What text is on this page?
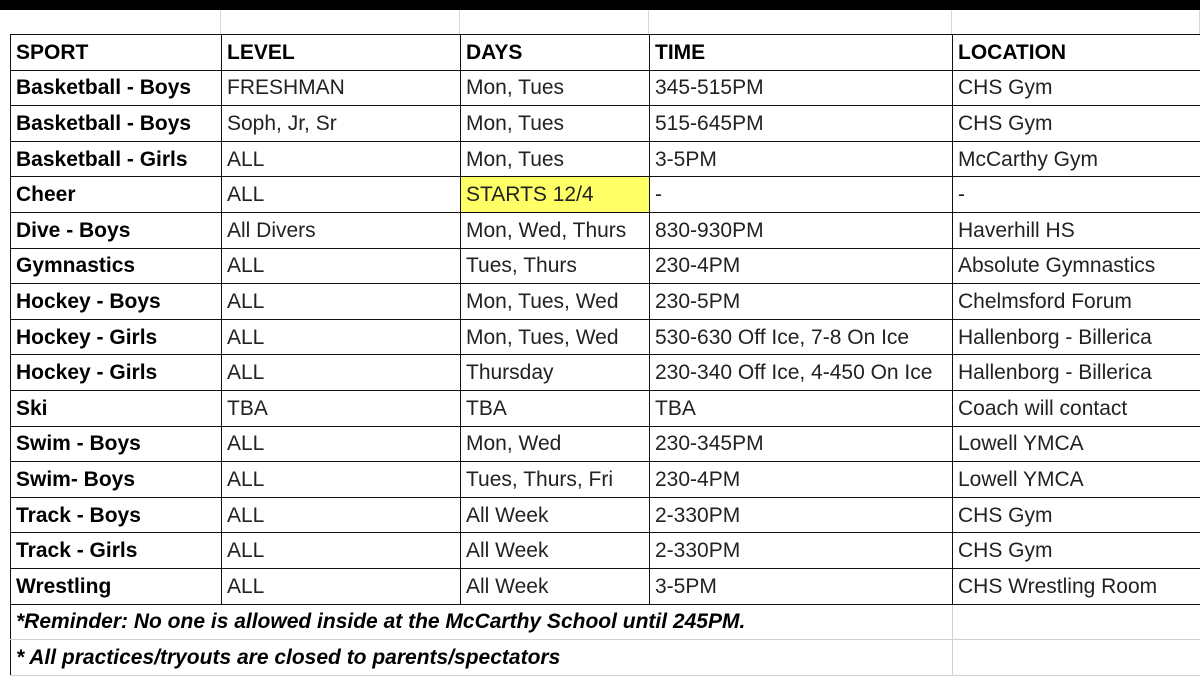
SPORT	LEVEL	DAYS	TIME	LOCATION
Basketball - Boys	FRESHMAN	Mon, Tues	345-515PM	CHS Gym
Basketball - Boys	Soph, Jr, Sr	Mon, Tues	515-645PM	CHS Gym
Basketball - Girls	ALL	Mon, Tues	3-5PM	McCarthy Gym
Cheer	ALL	STARTS 12/4	-	-
Dive - Boys	All Divers	Mon, Wed, Thurs	830-930PM	Haverhill HS
Gymnastics	ALL	Tues, Thurs	230-4PM	Absolute Gymnastics
Hockey - Boys	ALL	Mon, Tues, Wed	230-5PM	Chelmsford Forum
Hockey - Girls	ALL	Mon, Tues, Wed	530-630 Off Ice, 7-8 On Ice	Hallenborg - Billerica
Hockey - Girls	ALL	Thursday	230-340 Off Ice, 4-450 On Ice	Hallenborg - Billerica
Ski	TBA	TBA	TBA	Coach will contact
Swim - Boys	ALL	Mon, Wed	230-345PM	Lowell YMCA
Swim- Boys	ALL	Tues, Thurs, Fri	230-4PM	Lowell YMCA
Track - Boys	ALL	All Week	2-330PM	CHS Gym
Track - Girls	ALL	All Week	2-330PM	CHS Gym
Wrestling	ALL	All Week	3-5PM	CHS Wrestling Room
*Reminder: No one is allowed inside at the McCarthy School until 245PM.				
* All practices/tryouts are closed to parents/spectators				
